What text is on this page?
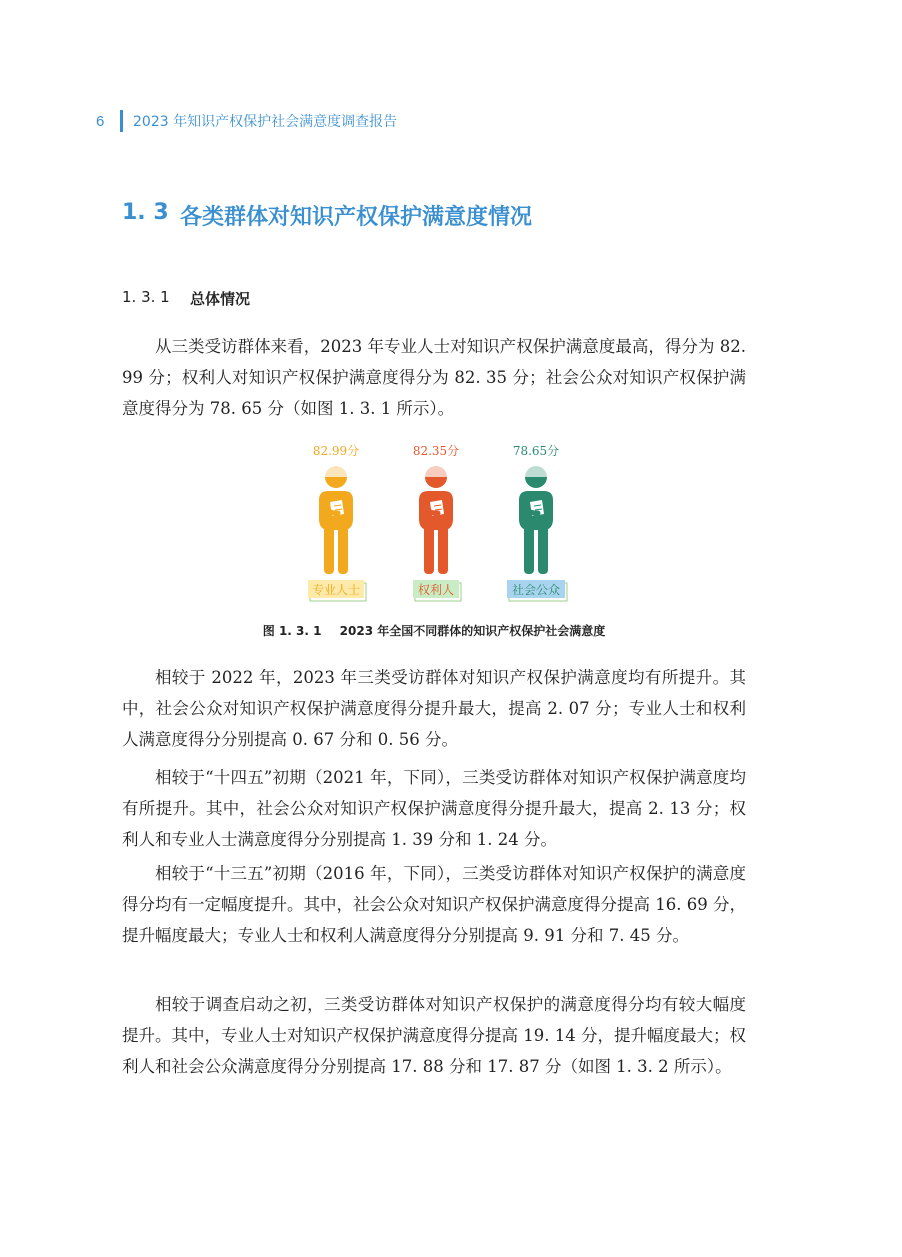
6	2023 年知识产权保护社会满意度调查报告
1. 3 各类群体对知识产权保护满意度情况
1. 3. 1	总体情况

从三类受访群体来看，2023 年专业人士对知识产权保护满意度最高，得分为 82. 99 分；权利人对知识产权保护满意度得分为 82. 35 分；社会公众对知识产权保护满意度得分为 78. 65 分（如图 1. 3. 1 所示）。

82.99分
专业人士
82.35分
权利人
78.65分
社会公众
图 1. 3. 1 2023 年全国不同群体的知识产权保护社会满意度

相较于 2022 年，2023 年三类受访群体对知识产权保护满意度均有所提升。其中，社会公众对知识产权保护满意度得分提升最大，提高 2. 07 分；专业人士和权利人满意度得分分别提高 0. 67 分和 0. 56 分。

相较于“十四五”初期（2021 年，下同），三类受访群体对知识产权保护满意度均有所提升。其中，社会公众对知识产权保护满意度得分提升最大，提高 2. 13 分；权利人和专业人士满意度得分分别提高 1. 39 分和 1. 24 分。

相较于“十三五”初期（2016 年，下同），三类受访群体对知识产权保护的满意度得分均有一定幅度提升。其中，社会公众对知识产权保护满意度得分提高 16. 69 分，提升幅度最大；专业人士和权利人满意度得分分别提高 9. 91 分和 7. 45 分。

相较于调查启动之初，三类受访群体对知识产权保护的满意度得分均有较大幅度提升。其中，专业人士对知识产权保护满意度得分提高 19. 14 分，提升幅度最大；权利人和社会公众满意度得分分别提高 17. 88 分和 17. 87 分（如图 1. 3. 2 所示）。
